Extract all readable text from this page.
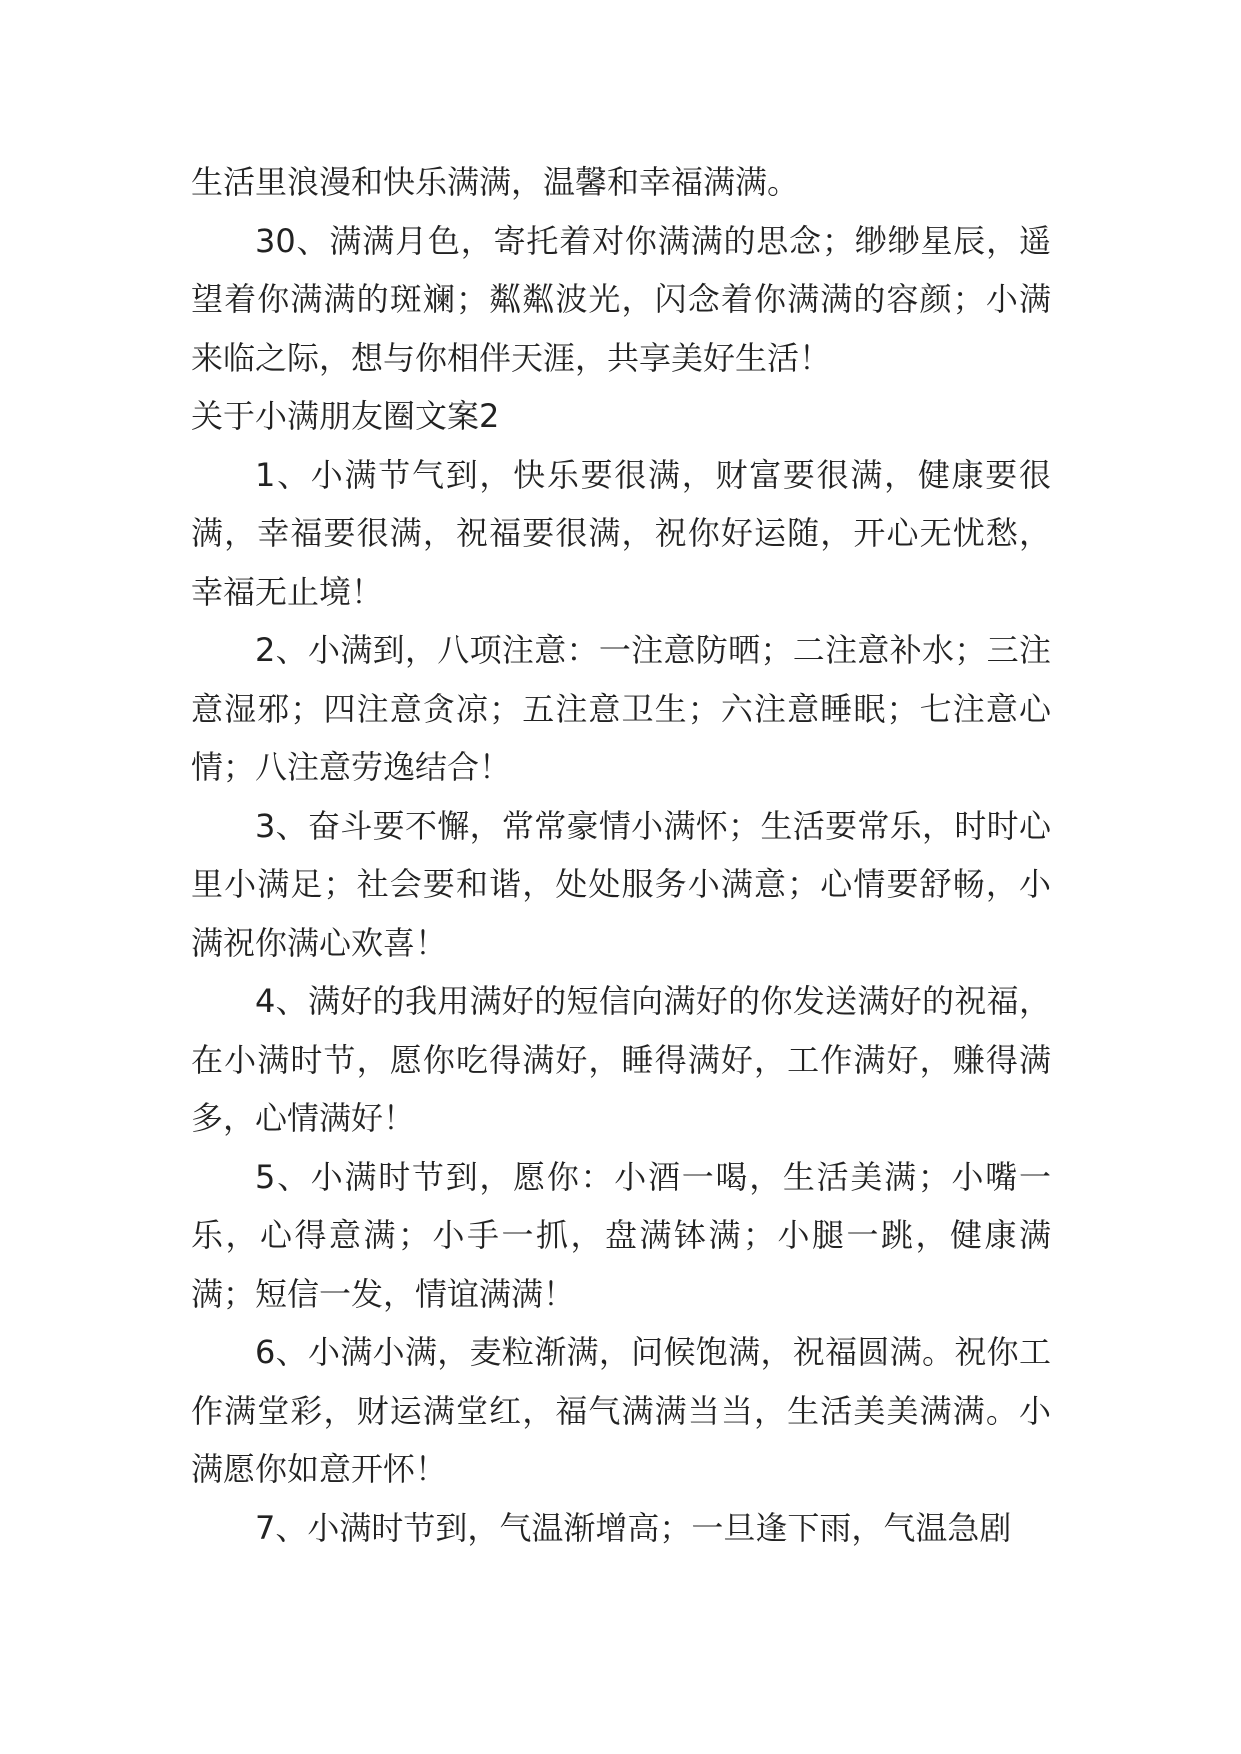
生活里浪漫和快乐满满，温馨和幸福满满。

30、满满月色，寄托着对你满满的思念；缈缈星辰，遥望着你满满的斑斓；粼粼波光，闪念着你满满的容颜；小满来临之际，想与你相伴天涯，共享美好生活！

关于小满朋友圈文案2

1、小满节气到，快乐要很满，财富要很满，健康要很满，幸福要很满，祝福要很满，祝你好运随，开心无忧愁，幸福无止境！

2、小满到，八项注意：一注意防晒；二注意补水；三注意湿邪；四注意贪凉；五注意卫生；六注意睡眠；七注意心情；八注意劳逸结合！

3、奋斗要不懈，常常豪情小满怀；生活要常乐，时时心里小满足；社会要和谐，处处服务小满意；心情要舒畅，小满祝你满心欢喜！

4、满好的我用满好的短信向满好的你发送满好的祝福，在小满时节，愿你吃得满好，睡得满好，工作满好，赚得满多，心情满好！

5、小满时节到，愿你：小酒一喝，生活美满；小嘴一乐，心得意满；小手一抓，盘满钵满；小腿一跳，健康满满；短信一发，情谊满满！

6、小满小满，麦粒渐满，问候饱满，祝福圆满。祝你工作满堂彩，财运满堂红，福气满满当当，生活美美满满。小满愿你如意开怀！

7、小满时节到，气温渐增高；一旦逢下雨，气温急剧
